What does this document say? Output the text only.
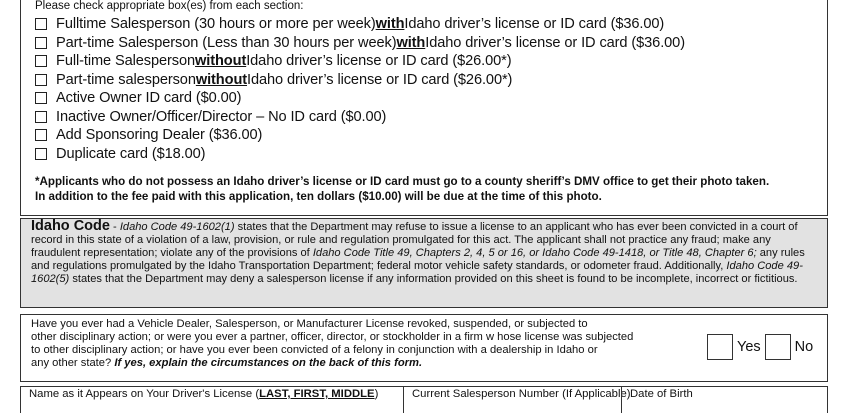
Please check appropriate box(es) from each section:
Fulltime Salesperson (30 hours or more per week) with Idaho driver’s license or ID card ($36.00)
Part-time Salesperson (Less than 30 hours per week) with Idaho driver’s license or ID card ($36.00)
Full-time Salesperson without Idaho driver’s license or ID card ($26.00*)
Part-time salesperson without Idaho driver’s license or ID card ($26.00*)
Active Owner ID card ($0.00)
Inactive Owner/Officer/Director – No ID card ($0.00)
Add Sponsoring Dealer ($36.00)
Duplicate card ($18.00)
*Applicants who do not possess an Idaho driver’s license or ID card must go to a county sheriff’s DMV office to get their photo taken.
In addition to the fee paid with this application, ten dollars ($10.00) will be due at the time of this photo.
Idaho Code - Idaho Code 49-1602(1) states that the Department may refuse to issue a license to an applicant who has ever been convicted in a court of record in this state of a violation of a law, provision, or rule and regulation promulgated for this act. The applicant shall not practice any fraud; make any fraudulent representation; violate any of the provisions of Idaho Code Title 49, Chapters 2, 4, 5 or 16, or Idaho Code 49-1418, or Title 48, Chapter 6; any rules and regulations promulgated by the Idaho Transportation Department; federal motor vehicle safety standards, or odometer fraud. Additionally, Idaho Code 49-1602(5) states that the Department may deny a salesperson license if any information provided on this sheet is found to be incomplete, incorrect or fictitious.
Have you ever had a Vehicle Dealer, Salesperson, or Manufacturer License revoked, suspended, or subjected to
other disciplinary action; or were you ever a partner, officer, director, or stockholder in a firm w hose license was subjected
to other disciplinary action; or have you ever been convicted of a felony in conjunction with a dealership in Idaho or
any other state? If yes, explain the circumstances on the back of this form.
Yes No
Name as it Appears on Your Driver's License (LAST, FIRST, MIDDLE)	Current Salesperson Number (If Applicable) Date of Birth
